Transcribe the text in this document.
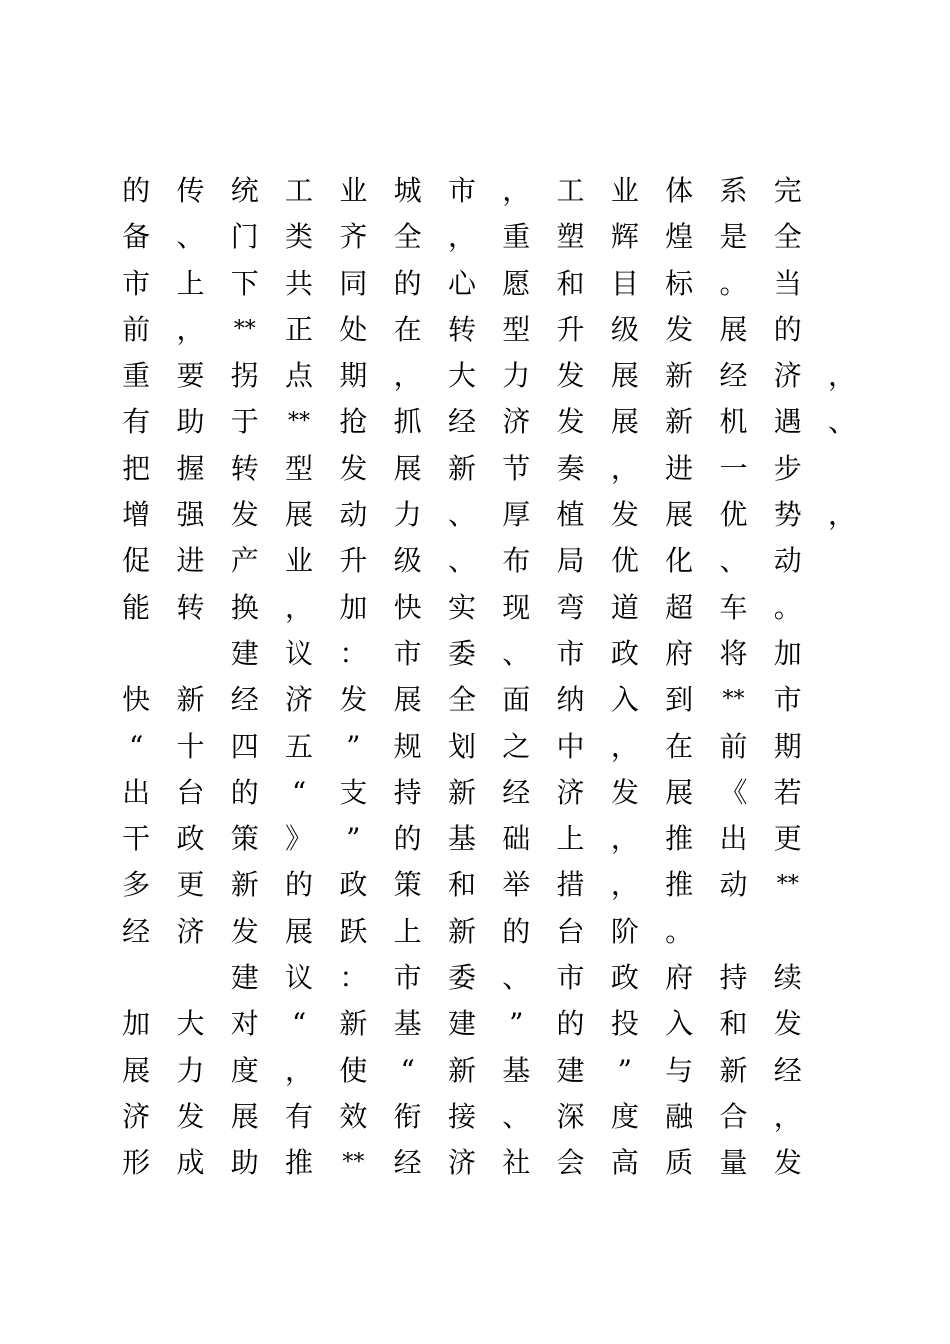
的 传 统 工 业 城 市 ， 工 业 体 系 完
备 、 门 类 齐 全 ， 重 塑 辉 煌 是 全
市 上 下 共 同 的 心 愿 和 目 标 。 当
前 ，	**	正 处 在 转 型 升 级 发 展 的
重 要 拐 点 期 ， 大 力 发 展 新 经 济 ，
有 助 于	**	抢 抓 经 济 发 展 新 机 遇 、
把 握 转 型 发 展 新 节 奏 ， 进 一 步
增 强 发 展 动 力 、 厚 植 发 展 优 势 ，
促 进 产 业 升 级 、 布 局 优 化 、 动
能 转 换 ， 加 快 实 现 弯 道 超 车 。
建 议 ： 市 委 、 市 政 府 将 加
快 新 经 济 发 展 全 面 纳 入 到	**	市
“	十 四 五	”	规 划 之 中 ， 在 前 期
出 台 的	“	支 持 新 经 济 发 展 《 若
干 政 策 》	”	的 基 础 上 ， 推 出 更
多 更 新 的 政 策 和 举 措 ， 推 动	**
经 济 发 展 跃 上 新 的 台 阶 。
建 议 ： 市 委 、 市 政 府 持 续
加 大 对	“	新 基 建	”	的 投 入 和 发
展 力 度 ， 使	“	新 基 建	”	与 新 经
济 发 展 有 效 衔 接 、 深 度 融 合 ，
形 成 助 推	**	经 济 社 会 高 质 量 发
